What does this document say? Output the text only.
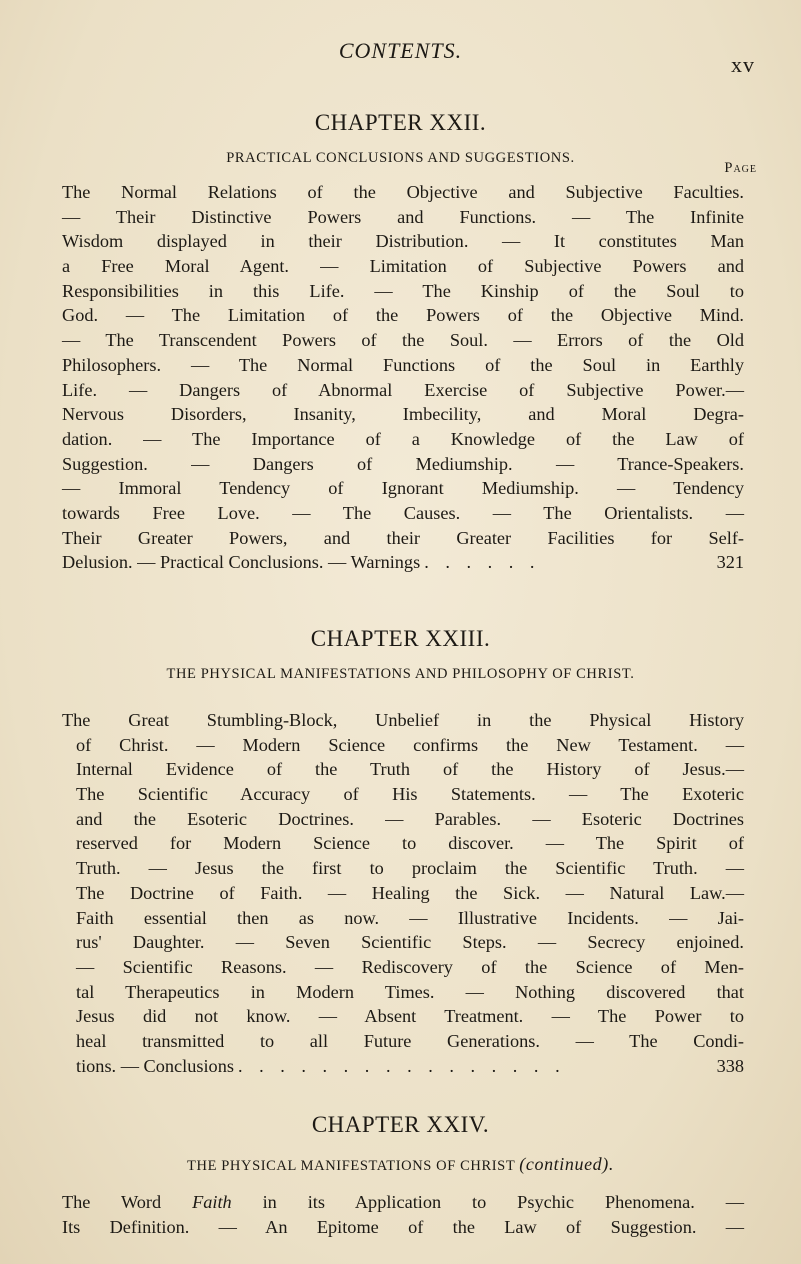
CONTENTS.
xv
CHAPTER XXII.
PRACTICAL CONCLUSIONS AND SUGGESTIONS.
Page
The Normal Relations of the Objective and Subjective Faculties.
— Their Distinctive Powers and Functions. — The Infinite
Wisdom displayed in their Distribution. — It constitutes Man
a Free Moral Agent. — Limitation of Subjective Powers and
Responsibilities in this Life. — The Kinship of the Soul to
God. — The Limitation of the Powers of the Objective Mind.
— The Transcendent Powers of the Soul. — Errors of the Old
Philosophers. — The Normal Functions of the Soul in Earthly
Life. — Dangers of Abnormal Exercise of Subjective Power.—
Nervous Disorders, Insanity, Imbecility, and Moral Degra-
dation. — The Importance of a Knowledge of the Law of
Suggestion. — Dangers of Mediumship. — Trance-Speakers.
— Immoral Tendency of Ignorant Mediumship. — Tendency
towards Free Love. — The Causes. — The Orientalists. —
Their Greater Powers, and their Greater Facilities for Self-
Delusion. — Practical Conclusions. — Warnings . . . . . .	321
CHAPTER XXIII.
THE PHYSICAL MANIFESTATIONS AND PHILOSOPHY OF CHRIST.
The Great Stumbling-Block, Unbelief in the Physical History
of Christ. — Modern Science confirms the New Testament. —
Internal Evidence of the Truth of the History of Jesus.—
The Scientific Accuracy of His Statements. — The Exoteric
and the Esoteric Doctrines. — Parables. — Esoteric Doctrines
reserved for Modern Science to discover. — The Spirit of
Truth. — Jesus the first to proclaim the Scientific Truth. —
The Doctrine of Faith. — Healing the Sick. — Natural Law.—
Faith essential then as now. — Illustrative Incidents. — Jai-
rus' Daughter. — Seven Scientific Steps. — Secrecy enjoined.
— Scientific Reasons. — Rediscovery of the Science of Men-
tal Therapeutics in Modern Times. — Nothing discovered that
Jesus did not know. — Absent Treatment. — The Power to
heal transmitted to all Future Generations. — The Condi-
tions. — Conclusions . . . . . . . . . . . . . . . .	338
CHAPTER XXIV.
THE PHYSICAL MANIFESTATIONS OF CHRIST (continued).
The Word Faith in its Application to Psychic Phenomena. —
Its Definition. — An Epitome of the Law of Suggestion. —
